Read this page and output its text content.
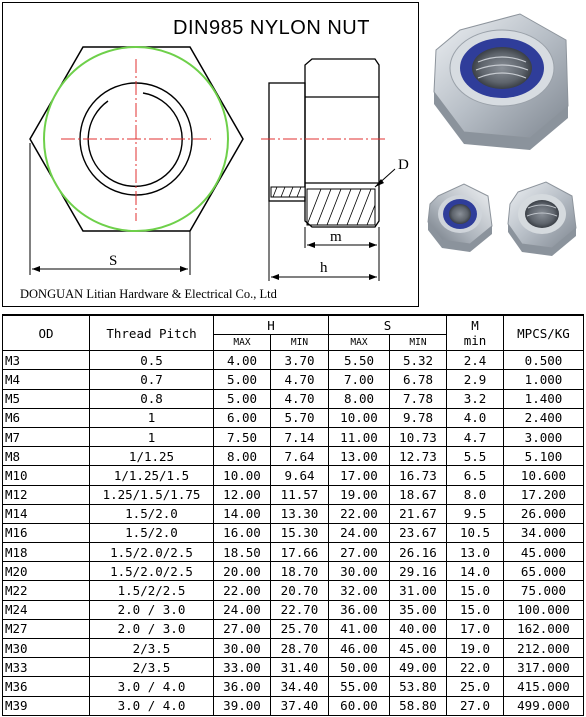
DIN985 NYLON NUT
S
D
m
h
DONGUAN Litian Hardware & Electrical Co., Ltd
OD	Thread Pitch	H		S		M
min	MPCS/KG
		MAX	MIN	MAX	MIN		
M3	0.5	4.00	3.70	5.50	5.32	2.4	0.500
M4	0.7	5.00	4.70	7.00	6.78	2.9	1.000
M5	0.8	5.00	4.70	8.00	7.78	3.2	1.400
M6	1	6.00	5.70	10.00	9.78	4.0	2.400
M7	1	7.50	7.14	11.00	10.73	4.7	3.000
M8	1/1.25	8.00	7.64	13.00	12.73	5.5	5.100
M10	1/1.25/1.5	10.00	9.64	17.00	16.73	6.5	10.600
M12	1.25/1.5/1.75	12.00	11.57	19.00	18.67	8.0	17.200
M14	1.5/2.0	14.00	13.30	22.00	21.67	9.5	26.000
M16	1.5/2.0	16.00	15.30	24.00	23.67	10.5	34.000
M18	1.5/2.0/2.5	18.50	17.66	27.00	26.16	13.0	45.000
M20	1.5/2.0/2.5	20.00	18.70	30.00	29.16	14.0	65.000
M22	1.5/2/2.5	22.00	20.70	32.00	31.00	15.0	75.000
M24	2.0 / 3.0	24.00	22.70	36.00	35.00	15.0	100.000
M27	2.0 / 3.0	27.00	25.70	41.00	40.00	17.0	162.000
M30	2/3.5	30.00	28.70	46.00	45.00	19.0	212.000
M33	2/3.5	33.00	31.40	50.00	49.00	22.0	317.000
M36	3.0 / 4.0	36.00	34.40	55.00	53.80	25.0	415.000
M39	3.0 / 4.0	39.00	37.40	60.00	58.80	27.0	499.000
